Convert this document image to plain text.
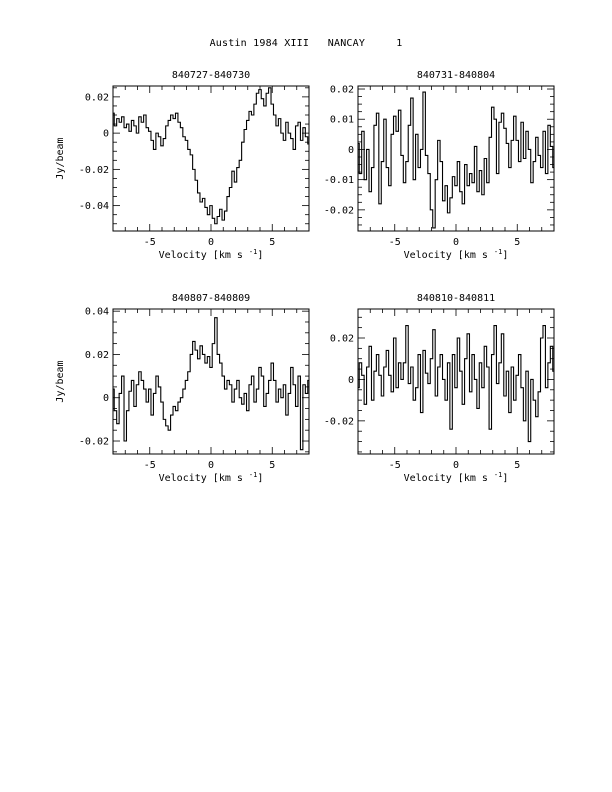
Austin 1984 XIII   NANCAY     1
840727-840730
-5	0	5
0.02
0
-0.02
-0.04
Velocity [km s $^{-1}$]
Jy/beam
840731-840804
-5	0	5
0.02
0.01
0
-0.01
-0.02
Velocity [km s $^{-1}$]
840807-840809
-5	0	5
0.04
0.02
0
-0.02
Velocity [km s $^{-1}$]
Jy/beam
840810-840811
-5	0	5
0.02
0
-0.02
Velocity [km s $^{-1}$]
